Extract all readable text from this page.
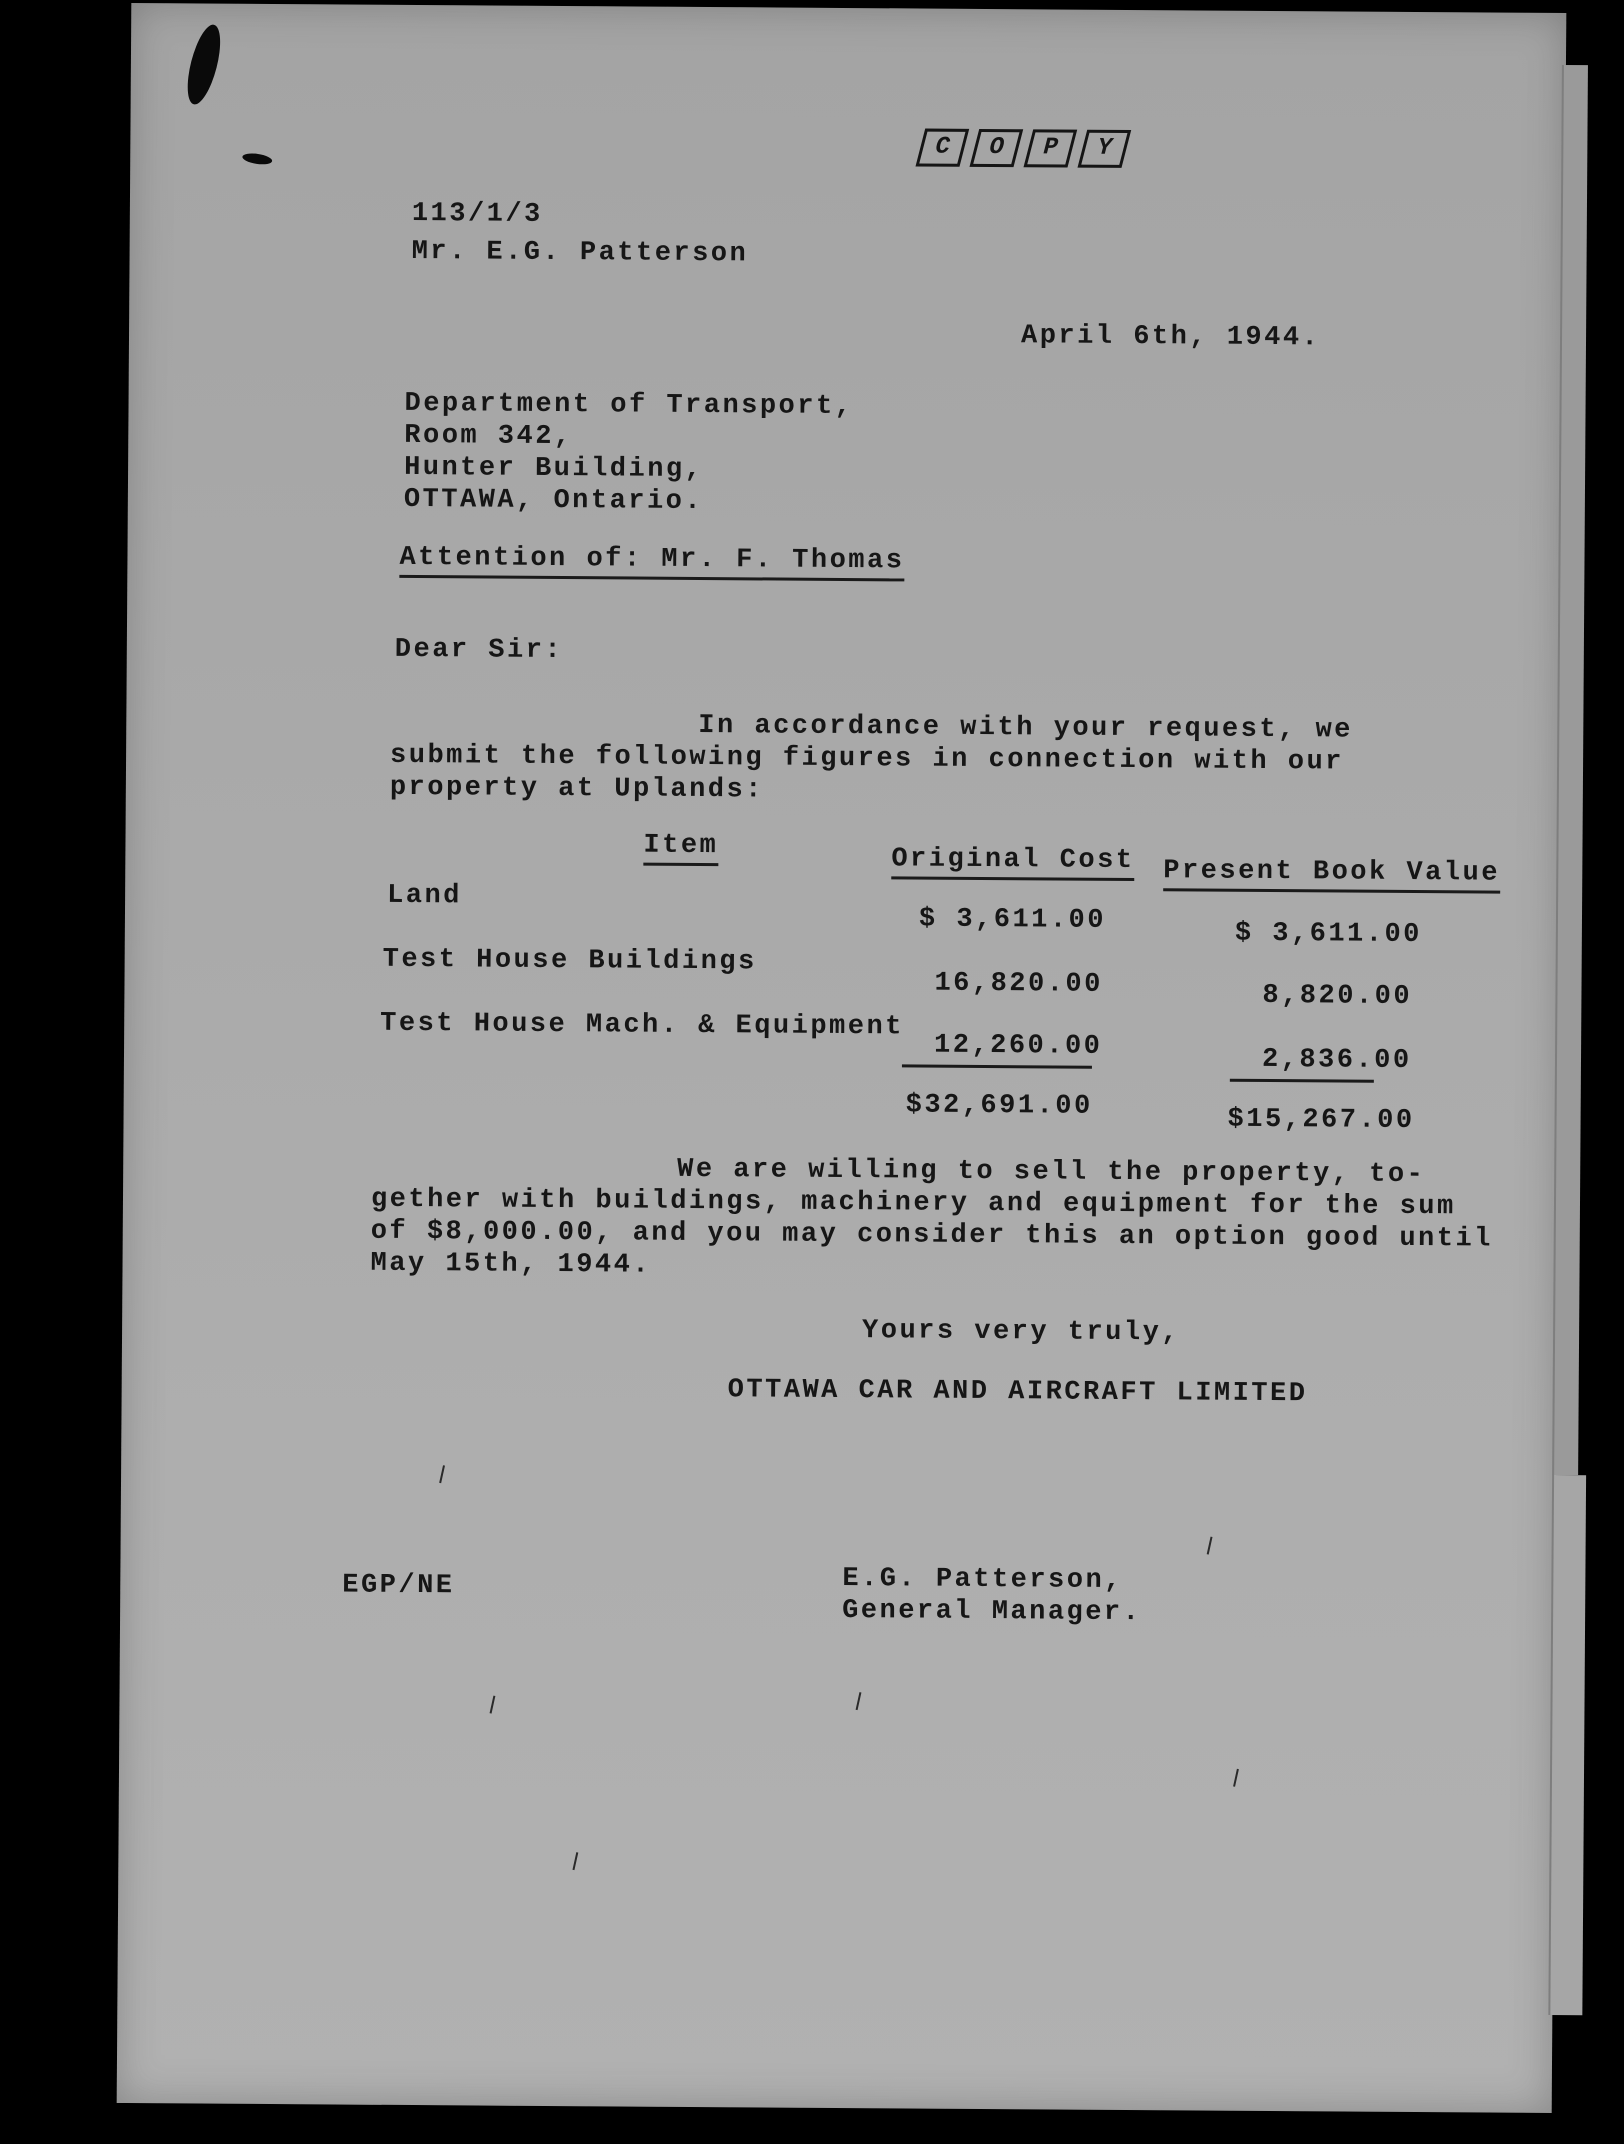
C	O	P	Y
113/1/3
Mr. E.G. Patterson
April 6th, 1944.
Department of Transport,
Room 342,
Hunter Building,
OTTAWA, Ontario.
Attention of: Mr. F. Thomas
Dear Sir:
In accordance with your request, we
submit the following figures in connection with our
property at Uplands:
Item	Original Cost Present Book Value
Land
$ 3,611.00	$ 3,611.00
Test House Buildings
16,820.00	8,820.00
Test House Mach. & Equipment
12,260.00	2,836.00
$32,691.00	$15,267.00
We are willing to sell the property, to-
gether with buildings, machinery and equipment for the sum
of $8,000.00, and you may consider this an option good until
May 15th, 1944.
Yours very truly,
OTTAWA CAR AND AIRCRAFT LIMITED
EGP/NE	E.G. Patterson,
General Manager.
